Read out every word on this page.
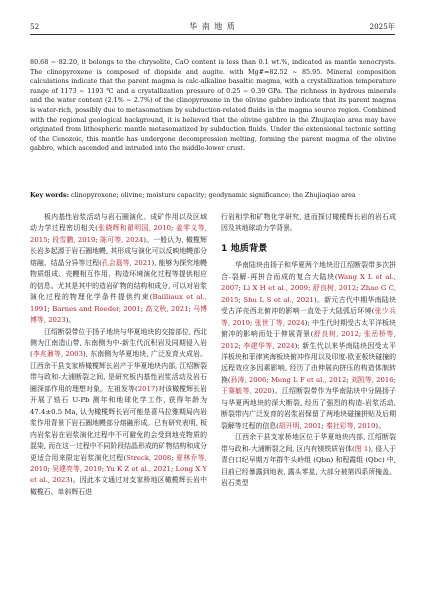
52	华 南 地 质	2025年
80.68 ~ 82.20, it belongs to the chrysolite, CaO content is less than 0.1 wt.%, indicated as mantle xenocrysts. The clinopyroxene is composed of diopside and augite. with Mg#=82.52 ~ 85.95. Mineral composition calculations indicate that the parent magma is calc-alkaline basaltic magma, with a crystallization temperature range of 1173 ~ 1193 ℃ and a crystallization pressure of 0.25 ~ 0.39 GPa. The richness in hydrous minerals and the water content (2.1% ~ 2.7%) of the clinopyroxene in the olivine gabbro indicate that its parent magma is water-rich, possibly due to metasomatism by subduction-related fluids in the magma source region. Combined with the regional geological background, it is believed that the olivine gabbro in the Zhujiaqiao area may have originated from lithospheric mantle metasomatized by subduction fluids. Under the extensional tectonic setting of the Cenozoic, this mantle has undergone decompression melting, forming the parent magma of the olivine gabbro, which ascended and intruded into the middle-lower crust.
Key words: clinopyroxene; olivine; moisture capacity; geodynamic significance; the Zhujiaqiao area

板内基性岩浆活动与岩石圈演化、成矿作用以及区域动力学过程密切相关(张晓辉和翟明国, 2010; 姜零义等, 2015; 段雪鹏, 2019; 陈可等, 2024)。一般认为, 橄榄辉长岩多起源于岩石圈地幔, 其形成与演化可以反映地幔部分熔融、结晶分异等过程(孔会磊等, 2021), 能够为探究地幔物质组成、壳幔相互作用、构造环境演化过程等提供相应的信息。尤其是其中的造岩矿物的结构和成分, 可以对岩浆演化过程的物理化学条件提供约束(Bailliaux et al., 1991; Barnes and Roeder, 2001; 高文秋, 2021; 马博博等, 2023)。

江绍断裂带位于扬子地块与华夏地块的交接部位, 西北侧为江南造山带, 东南侧为中-新生代沉积岩及同期侵入岩(李兆鼐等, 2003), 东南侧为华夏地块, 广泛发育火成岩。江西余干县支家桥橄榄辉长岩产于华夏地块内部, 江绍断裂带与政和-大浦断裂之间, 是研究板内基性岩浆活动及岩石圈深部作用的理想对象。左祖发等(2017)对该橄榄辉长岩开展了锆石 U-Pb 测年和地球化学工作, 获得年龄为 47.4±0.5 Ma, 认为橄榄辉长岩可能是喜马拉雅期局内岩浆作用背景下岩石圈地幔部分熔融形成。已有研究表明, 板内岩浆岩在岩浆演化过程中不可避免的会受到地壳物质的混染, 而在这一过程中不同阶段结晶形成的矿物结构和成分更适合用来限定岩浆演化过程(Streck, 2008; 夏林乔等, 2010; 吴建亮等, 2019; Yu K Z et al., 2021; Long X Y et al., 2023)。因此本文通过对支家桥地区橄榄辉长岩中橄榄石、单斜辉石进

行岩相学和矿物化学研究, 进而探讨橄榄辉长岩的岩石成因及其地球动力学背景。

1 地质背景

华南陆块由扬子和华夏两个地块沿江绍断裂带多次拼合-裂解-再拼合而成的复合大陆块(Wang X L et al., 2007; Li X H et al., 2009; 舒良树, 2012; Zhao G C, 2015; Shu L S et al., 2021)。新元古代中期华南陆块受古洋壳西北俯冲的影响一直处于大陆弧后环境(张少兵等, 2019; 张世丁等, 2024); 中生代时期受古太平洋板块俯冲的影响而处于伸展背景(舒良树, 2012; 张岳桥等, 2012; 李建华等, 2024); 新生代以来华南陆块因受太平洋板块和菲律宾海板块俯冲作用以及印度-欧亚板块碰撞的远程效应多因素影响, 经历了由伸展向挤压的构造体制转换(孙涛, 2006; Meng L F et al., 2012; 刘凯等, 2016; 王赛毓等, 2020)。江绍断裂带作为华南陆块中分隔扬子与华夏两地块的深大断裂, 经历了强烈的构造-岩浆活动, 断裂带内广泛发育的岩浆岩保留了两地块碰撞拼贴及后期裂解等过程的信息(胡开明, 2001; 秦社彩等, 2019)。

江西余干县支家桥地区位于华夏地块内部, 江绍断裂带与政和-大浦断裂之间, 区内有镁铁质岩体(图 1), 侵入于青白口纪早期万年群牛头岭组 (Qbn) 和程霞组 (Qbc) 中, 目前已经暴露到地表, 露头零星, 大部分被第四系所掩盖。岩石类型
